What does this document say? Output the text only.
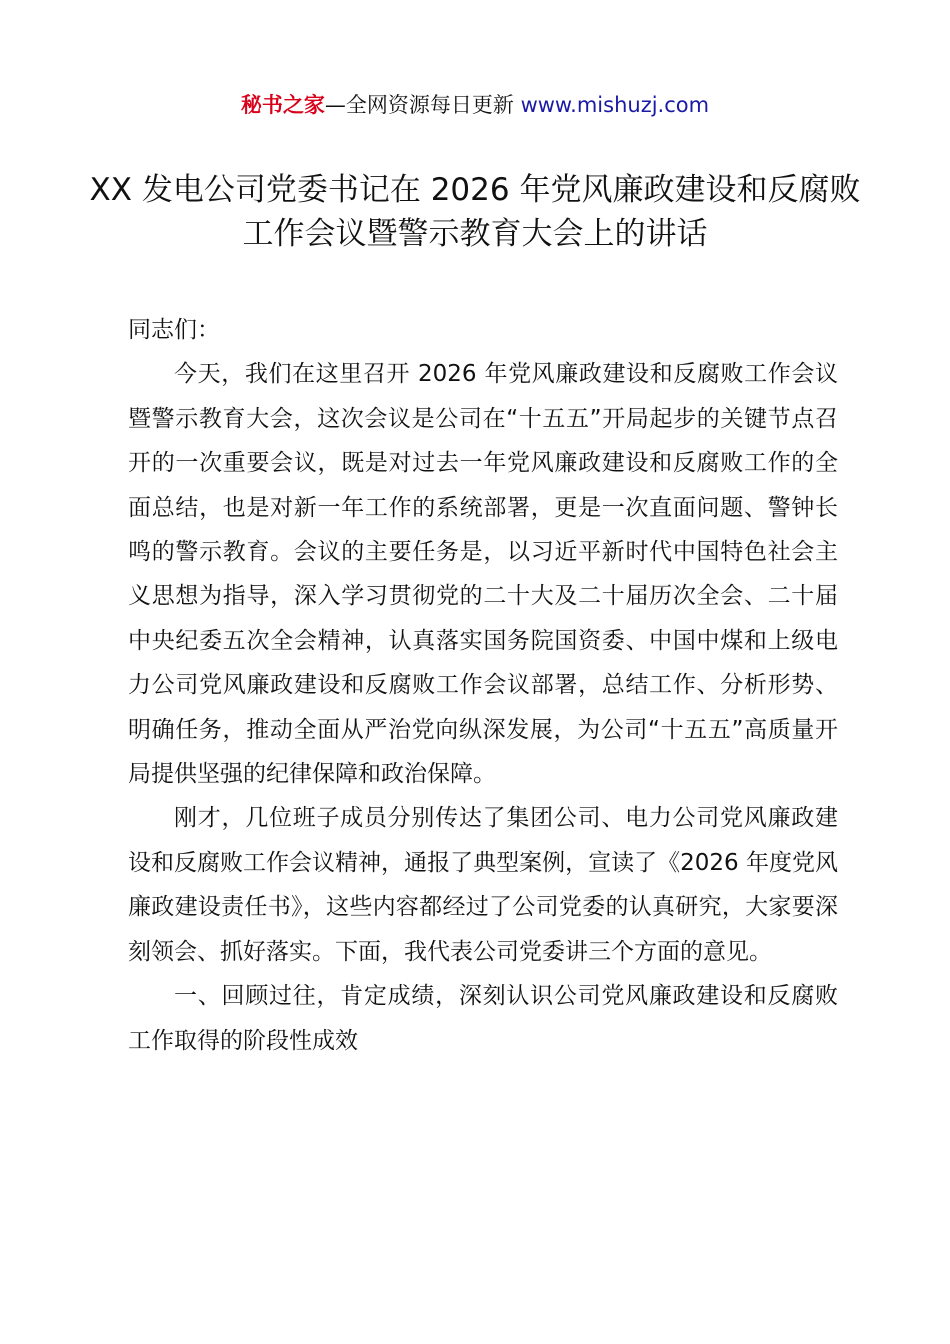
秘书之家—全网资源每日更新 www.mishuzj.com
XX 发电公司党委书记在 2026 年党风廉政建设和反腐败工作会议暨警示教育大会上的讲话

同志们：

今天，我们在这里召开 2026 年党风廉政建设和反腐败工作会议暨警示教育大会，这次会议是公司在“十五五”开局起步的关键节点召开的一次重要会议，既是对过去一年党风廉政建设和反腐败工作的全面总结，也是对新一年工作的系统部署，更是一次直面问题、警钟长鸣的警示教育。会议的主要任务是，以习近平新时代中国特色社会主义思想为指导，深入学习贯彻党的二十大及二十届历次全会、二十届中央纪委五次全会精神，认真落实国务院国资委、中国中煤和上级电力公司党风廉政建设和反腐败工作会议部署，总结工作、分析形势、明确任务，推动全面从严治党向纵深发展，为公司“十五五”高质量开局提供坚强的纪律保障和政治保障。

刚才，几位班子成员分别传达了集团公司、电力公司党风廉政建设和反腐败工作会议精神，通报了典型案例，宣读了《2026 年度党风廉政建设责任书》，这些内容都经过了公司党委的认真研究，大家要深刻领会、抓好落实。下面，我代表公司党委讲三个方面的意见。

一、回顾过往，肯定成绩，深刻认识公司党风廉政建设和反腐败工作取得的阶段性成效
